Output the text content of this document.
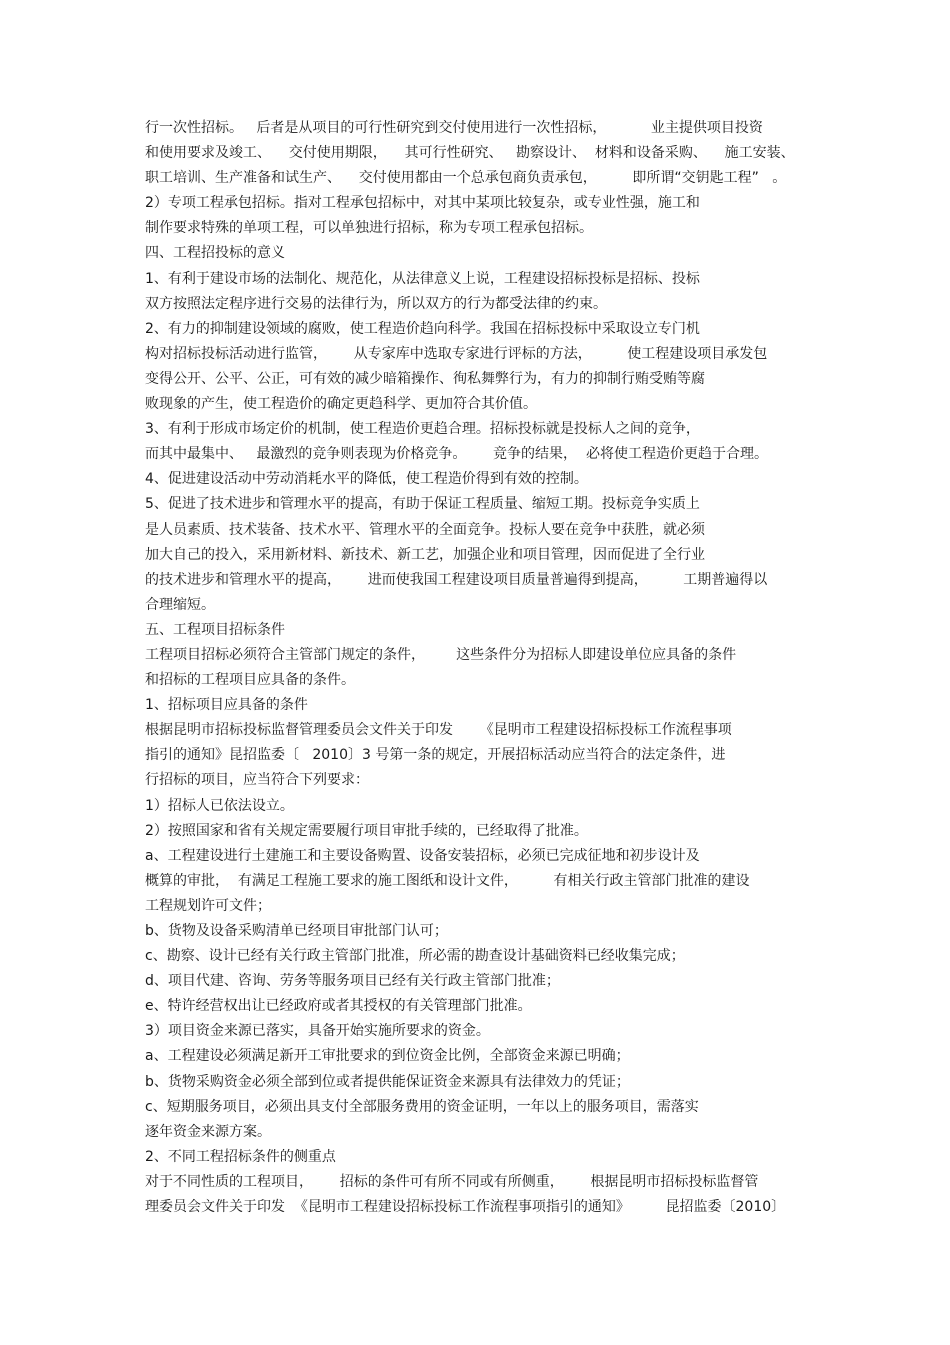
行一次性招标。   后者是从项目的可行性研究到交付使用进行一次性招标，          业主提供项目投资
和使用要求及竣工、    交付使用期限，    其可行性研究、   勘察设计、  材料和设备采购、    施工安装、
职工培训、生产准备和试生产、    交付使用都由一个总承包商负责承包，        即所谓“交钥匙工程”   。
2）专项工程承包招标。指对工程承包招标中，对其中某项比较复杂，或专业性强，施工和
制作要求特殊的单项工程，可以单独进行招标，称为专项工程承包招标。
四、工程招投标的意义
1、有利于建设市场的法制化、规范化，从法律意义上说，工程建设招标投标是招标、投标
双方按照法定程序进行交易的法律行为，所以双方的行为都受法律的约束。
2、有力的抑制建设领域的腐败，使工程造价趋向科学。我国在招标投标中采取设立专门机
构对招标投标活动进行监管，      从专家库中选取专家进行评标的方法，        使工程建设项目承发包
变得公开、公平、公正，可有效的减少暗箱操作、徇私舞弊行为，有力的抑制行贿受贿等腐
败现象的产生，使工程造价的确定更趋科学、更加符合其价值。
3、有利于形成市场定价的机制，使工程造价更趋合理。招标投标就是投标人之间的竞争，
而其中最集中、   最激烈的竞争则表现为价格竞争。      竞争的结果，  必将使工程造价更趋于合理。
4、促进建设活动中劳动消耗水平的降低，使工程造价得到有效的控制。
5、促进了技术进步和管理水平的提高，有助于保证工程质量、缩短工期。投标竞争实质上
是人员素质、技术装备、技术水平、管理水平的全面竞争。投标人要在竞争中获胜，就必须
加大自己的投入，采用新材料、新技术、新工艺，加强企业和项目管理，因而促进了全行业
的技术进步和管理水平的提高，      进而使我国工程建设项目质量普遍得到提高，        工期普遍得以
合理缩短。
五、工程项目招标条件
工程项目招标必须符合主管部门规定的条件，       这些条件分为招标人即建设单位应具备的条件
和招标的工程项目应具备的条件。
1、招标项目应具备的条件
根据昆明市招标投标监督管理委员会文件关于印发      《昆明市工程建设招标投标工作流程事项
指引的通知》昆招监委〔   2010〕3 号第一条的规定，开展招标活动应当符合的法定条件，进
行招标的项目，应当符合下列要求：
1）招标人已依法设立。
2）按照国家和省有关规定需要履行项目审批手续的，已经取得了批准。
a、工程建设进行土建施工和主要设备购置、设备安装招标，必须已完成征地和初步设计及
概算的审批，  有满足工程施工要求的施工图纸和设计文件，        有相关行政主管部门批准的建设
工程规划许可文件；
b、货物及设备采购清单已经项目审批部门认可；
c、勘察、设计已经有关行政主管部门批准，所必需的勘查设计基础资料已经收集完成；
d、项目代建、咨询、劳务等服务项目已经有关行政主管部门批准；
e、特许经营权出让已经政府或者其授权的有关管理部门批准。
3）项目资金来源已落实，具备开始实施所要求的资金。
a、工程建设必须满足新开工审批要求的到位资金比例，全部资金来源已明确；
b、货物采购资金必须全部到位或者提供能保证资金来源具有法律效力的凭证；
c、短期服务项目，必须出具支付全部服务费用的资金证明，一年以上的服务项目，需落实
逐年资金来源方案。
2、不同工程招标条件的侧重点
对于不同性质的工程项目，      招标的条件可有所不同或有所侧重，      根据昆明市招标投标监督管
理委员会文件关于印发  《昆明市工程建设招标投标工作流程事项指引的通知》        昆招监委〔2010〕
